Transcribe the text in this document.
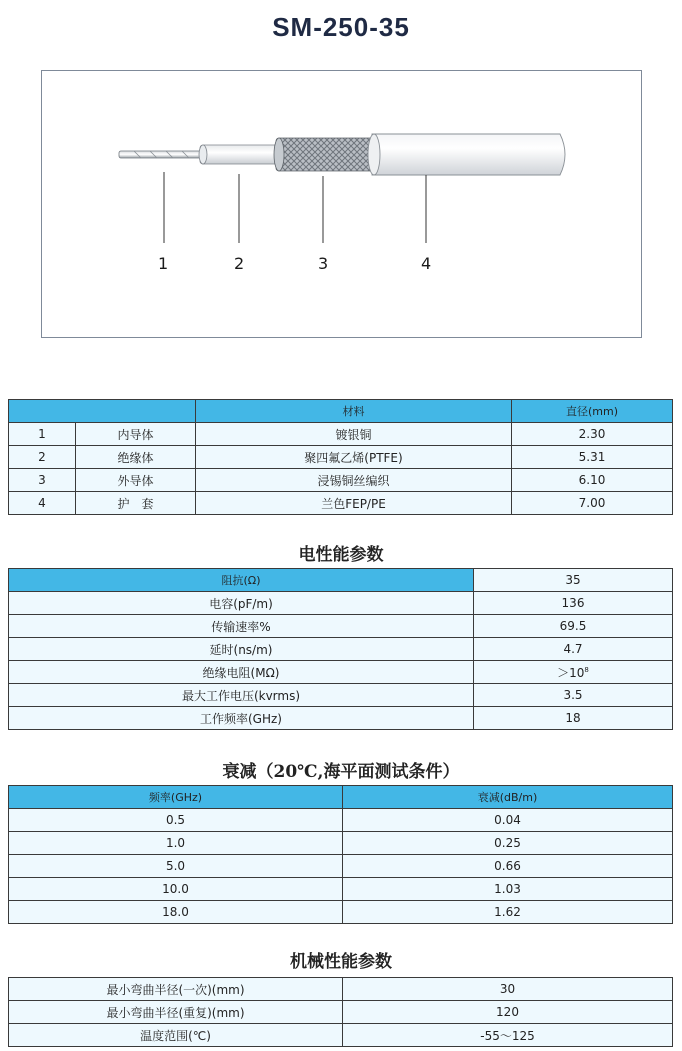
SM-250-35
1	2	3	4
		材料	直径(mm)
1	内导体	镀银铜	2.30
2	绝缘体	聚四氟乙烯(PTFE)	5.31
3	外导体	浸锡铜丝编织	6.10
4	护　套	兰色FEP/PE	7.00
电性能参数
阻抗(Ω)	35
电容(pF/m)	136
传输速率%	69.5
延时(ns/m)	4.7
绝缘电阻(MΩ)	$>10^8$
最大工作电压(kvrms)	3.5
工作频率(GHz)	18
衰减（20℃,海平面测试条件）
频率(GHz)	衰减(dB/m)
0.5	0.04
1.0	0.25
5.0	0.66
10.0	1.03
18.0	1.62
机械性能参数
最小弯曲半径(一次)(mm)	30
最小弯曲半径(重复)(mm)	120
温度范围(℃)	-55～125
